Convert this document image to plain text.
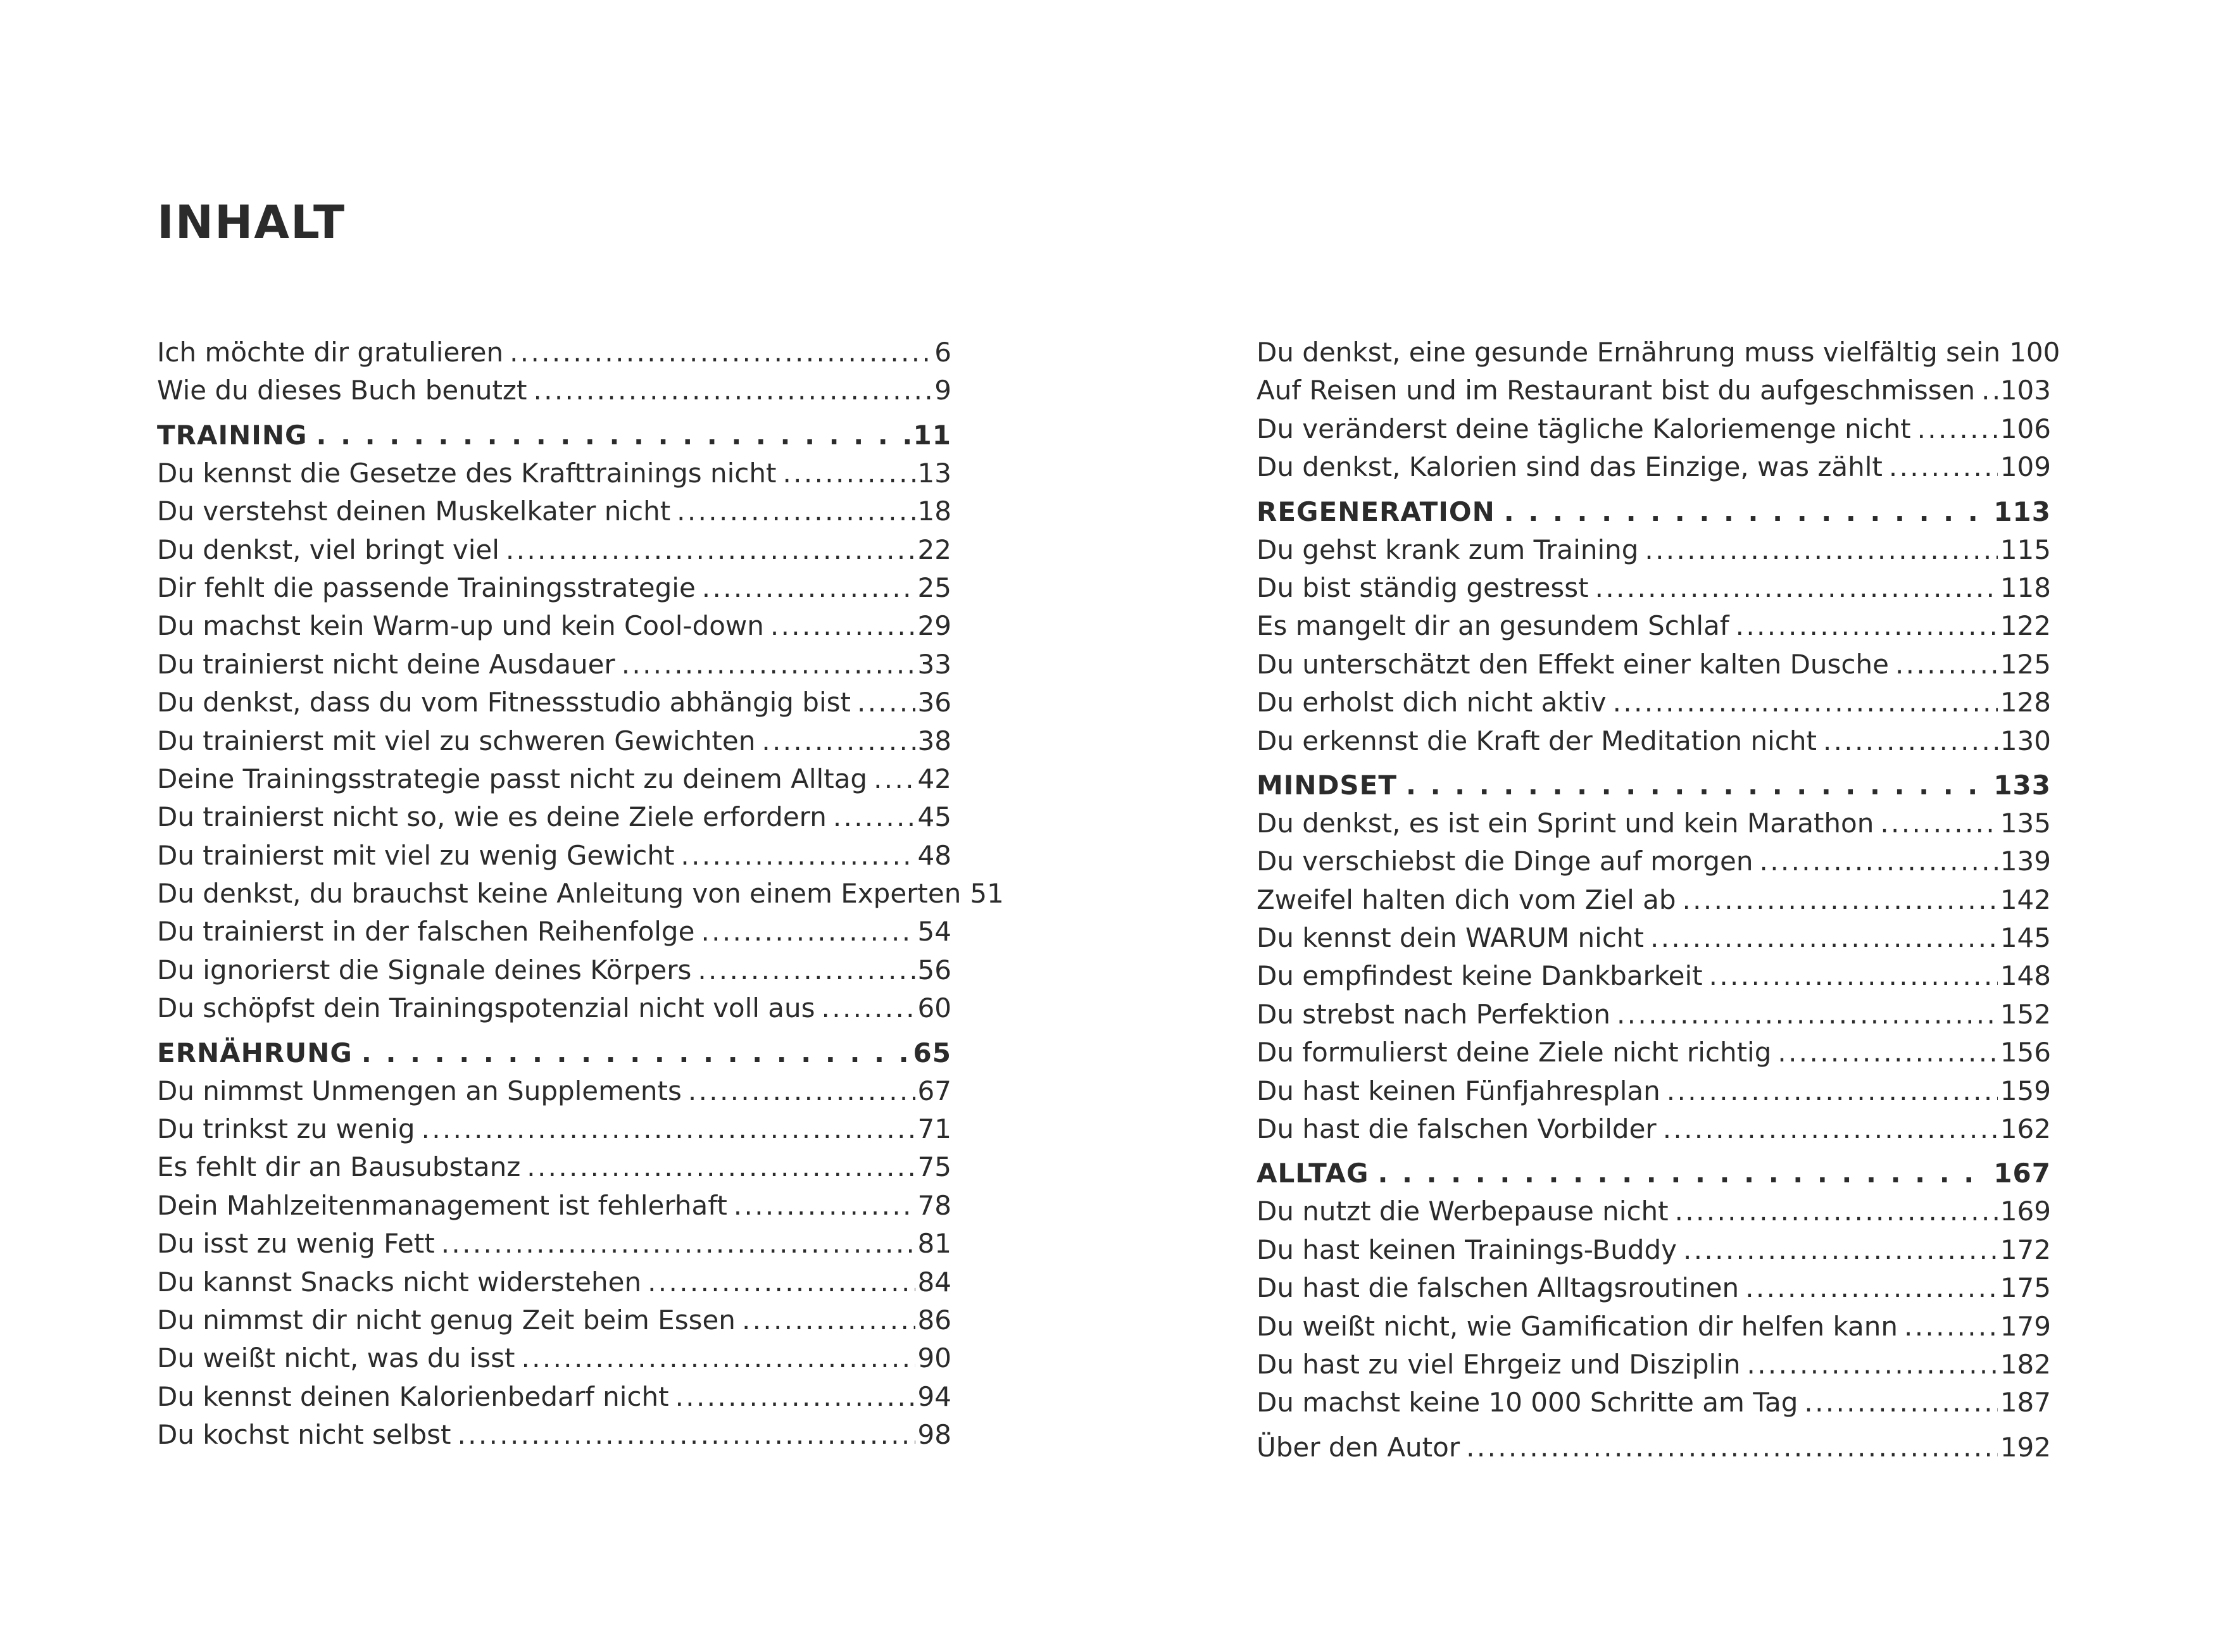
INHALT
Ich möchte dir gratulieren . . .	6
Wie du dieses Buch benutzt . . .	9
TRAINING . . .	11
Du kennst die Gesetze des Krafttrainings nicht . . .	13
Du verstehst deinen Muskelkater nicht . . .	18
Du denkst, viel bringt viel . . .	22
Dir fehlt die passende Trainingsstrategie . . .	25
Du machst kein Warm-up und kein Cool-down . . .	29
Du trainierst nicht deine Ausdauer . . .	33
Du denkst, dass du vom Fitnessstudio abhängig bist . . .	36
Du trainierst mit viel zu schweren Gewichten . . .	38
Deine Trainingsstrategie passt nicht zu deinem Alltag . . . 42
Du trainierst nicht so, wie es deine Ziele erfordern . . .	45
Du trainierst mit viel zu wenig Gewicht . . .	48
Du denkst, du brauchst keine Anleitung von einem Experten 51
Du trainierst in der falschen Reihenfolge . . .	54
Du ignorierst die Signale deines Körpers . . .	56
Du schöpfst dein Trainingspotenzial nicht voll aus . . .	60
ERNÄHRUNG . . .	65
Du nimmst Unmengen an Supplements . . .	67
Du trinkst zu wenig . . .	71
Es fehlt dir an Bausubstanz . . .	75
Dein Mahlzeitenmanagement ist fehlerhaft . . .	78
Du isst zu wenig Fett . . .	81
Du kannst Snacks nicht widerstehen . . .	84
Du nimmst dir nicht genug Zeit beim Essen . . .	86
Du weißt nicht, was du isst . . .	90
Du kennst deinen Kalorienbedarf nicht . . .	94
Du kochst nicht selbst . . .	98
Du denkst, eine gesunde Ernährung muss vielfältig sein 100
Auf Reisen und im Restaurant bist du aufgeschmissen . . . 103
Du veränderst deine tägliche Kaloriemenge nicht . . .	106
Du denkst, Kalorien sind das Einzige, was zählt . . .	109
REGENERATION . . .	113
Du gehst krank zum Training . . .	115
Du bist ständig gestresst . . .	118
Es mangelt dir an gesundem Schlaf . . .	122
Du unterschätzt den Effekt einer kalten Dusche . . .	125
Du erholst dich nicht aktiv . . .	128
Du erkennst die Kraft der Meditation nicht . . .	130
MINDSET . . .	133
Du denkst, es ist ein Sprint und kein Marathon . . .	135
Du verschiebst die Dinge auf morgen . . .	139
Zweifel halten dich vom Ziel ab . . .	142
Du kennst dein WARUM nicht . . .	145
Du empfindest keine Dankbarkeit . . .	148
Du strebst nach Perfektion . . .	152
Du formulierst deine Ziele nicht richtig . . .	156
Du hast keinen Fünfjahresplan . . .	159
Du hast die falschen Vorbilder . . .	162
ALLTAG . . .	167
Du nutzt die Werbepause nicht . . .	169
Du hast keinen Trainings-Buddy . . .	172
Du hast die falschen Alltagsroutinen . . .	175
Du weißt nicht, wie Gamification dir helfen kann . . .	179
Du hast zu viel Ehrgeiz und Disziplin . . .	182
Du machst keine 10 000 Schritte am Tag . . .	187
Über den Autor . . .	192
